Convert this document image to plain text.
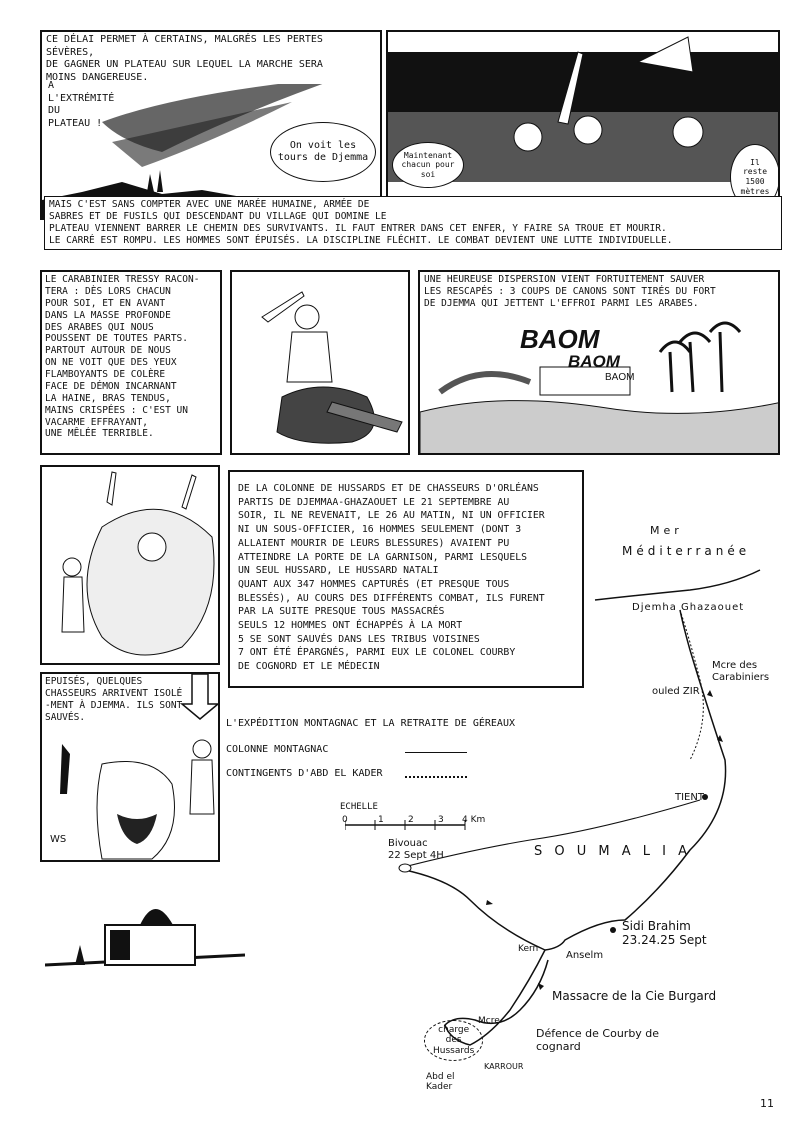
CE DÉLAI PERMET À CERTAINS, MALGRÉS LES PERTES SÉVÈRES,
DE GAGNER UN PLATEAU SUR LEQUEL LA MARCHE SERA
MOINS DANGEREUSE.
A
L'EXTRÉMITÉ
DU
PLATEAU !
On voit les
tours de Djemma	Maintenant
chacun pour
soi
Il
reste
1500
mètres
MAIS C'EST SANS COMPTER AVEC UNE MARÉE HUMAINE, ARMÉE DE
SABRES ET DE FUSILS QUI DESCENDANT DU VILLAGE QUI DOMINE LE
PLATEAU VIENNENT BARRER LE CHEMIN DES SURVIVANTS. IL FAUT ENTRER DANS CET ENFER, Y FAIRE SA TROUE ET MOURIR.
LE CARRÉ EST ROMPU. LES HOMMES SONT ÉPUISÉS. LA DISCIPLINE FLÉCHIT. LE COMBAT DEVIENT UNE LUTTE INDIVIDUELLE.
LE CARABINIER TRESSY RACON-
TERA : DÈS LORS CHACUN
POUR SOI, ET EN AVANT
DANS LA MASSE PROFONDE
DES ARABES QUI NOUS
POUSSENT DE TOUTES PARTS.
PARTOUT AUTOUR DE NOUS
ON NE VOIT QUE DES YEUX
FLAMBOYANTS DE COLÈRE
FACE DE DÉMON INCARNANT
LA HAINE, BRAS TENDUS,
MAINS CRISPÉES : C'EST UN
VACARME EFFRAYANT,
UNE MÊLÉE TERRIBLE.
UNE HEUREUSE DISPERSION VIENT FORTUITEMENT SAUVER
LES RESCAPÉS : 3 COUPS DE CANONS SONT TIRÉS DU FORT
DE DJEMMA QUI JETTENT L'EFFROI PARMI LES ARABES.
BAOM
BAOM
BAOM
DE LA COLONNE DE HUSSARDS ET DE CHASSEURS D'ORLÉANS
PARTIS DE DJEMMAA-GHAZAOUET LE 21 SEPTEMBRE AU
SOIR, IL NE REVENAIT, LE 26 AU MATIN, NI UN OFFICIER
NI UN SOUS-OFFICIER, 16 HOMMES SEULEMENT (DONT 3
ALLAIENT MOURIR DE LEURS BLESSURES) AVAIENT PU
ATTEINDRE LA PORTE DE LA GARNISON, PARMI LESQUELS
UN SEUL HUSSARD, LE HUSSARD NATALI
QUANT AUX 347 HOMMES CAPTURÉS (ET PRESQUE TOUS
BLESSÉS), AU COURS DES DIFFÉRENTS COMBAT, ILS FURENT
PAR LA SUITE PRESQUE TOUS MASSACRÉS
SEULS 12 HOMMES ONT ÉCHAPPÉS À LA MORT
5 SE SONT SAUVÉS DANS LES TRIBUS VOISINES
7 ONT ÉTÉ ÉPARGNÉS, PARMI EUX LE COLONEL COURBY
DE COGNORD ET LE MÉDECIN
EPUISÉS, QUELQUES
CHASSEURS ARRIVENT ISOLÉ
-MENT À DJEMMA. ILS SONT
SAUVÉS.
WS
L'EXPÉDITION MONTAGNAC ET LA RETRAITE DE GÉREAUX
COLONNE MONTAGNAC
CONTINGENTS D'ABD EL KADER
ECHELLE
0	1	2	3 4 Km
Mer
Méditerranée
Djemha Ghazaouet
Mcre des
Carabiniers
ouled ZIR
TIENT
S O U M A L I A
Bivouac
22 Sept 4H
Sidi Brahim
23.24.25 Sept
Kern
Anselm
Massacre de la Cie Burgard
Défence de Courby de
cognard
charge
des
Hussards
Mcre
Abd el
Kader
KARROUR
11
